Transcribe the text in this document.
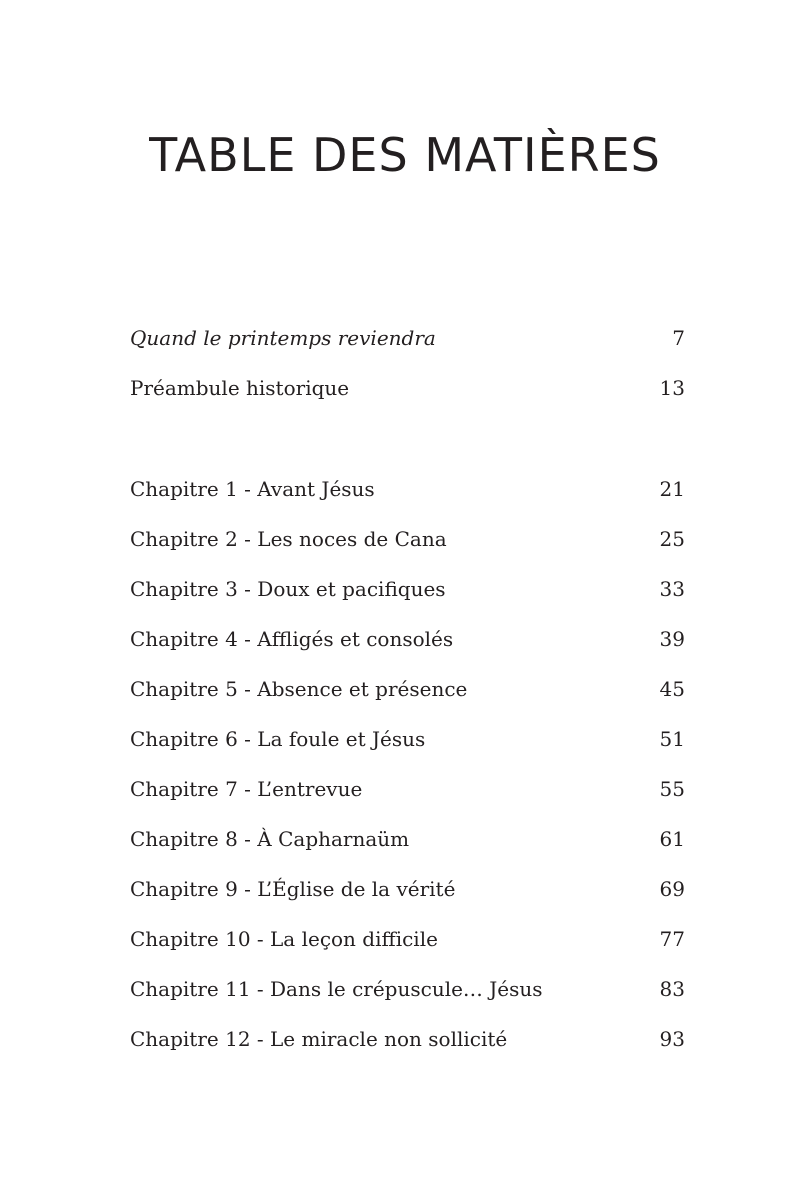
TABLE DES MATIÈRES
Quand le printemps reviendra	7
Préambule historique	13
Chapitre 1 - Avant Jésus	21
Chapitre 2 - Les noces de Cana	25
Chapitre 3 - Doux et pacifiques	33
Chapitre 4 - Affligés et consolés	39
Chapitre 5 - Absence et présence	45
Chapitre 6 - La foule et Jésus	51
Chapitre 7 - L’entrevue	55
Chapitre 8 - À Capharnaüm	61
Chapitre 9 - L’Église de la vérité	69
Chapitre 10 - La leçon difficile	77
Chapitre 11 - Dans le crépuscule… Jésus	83
Chapitre 12 - Le miracle non sollicité	93
